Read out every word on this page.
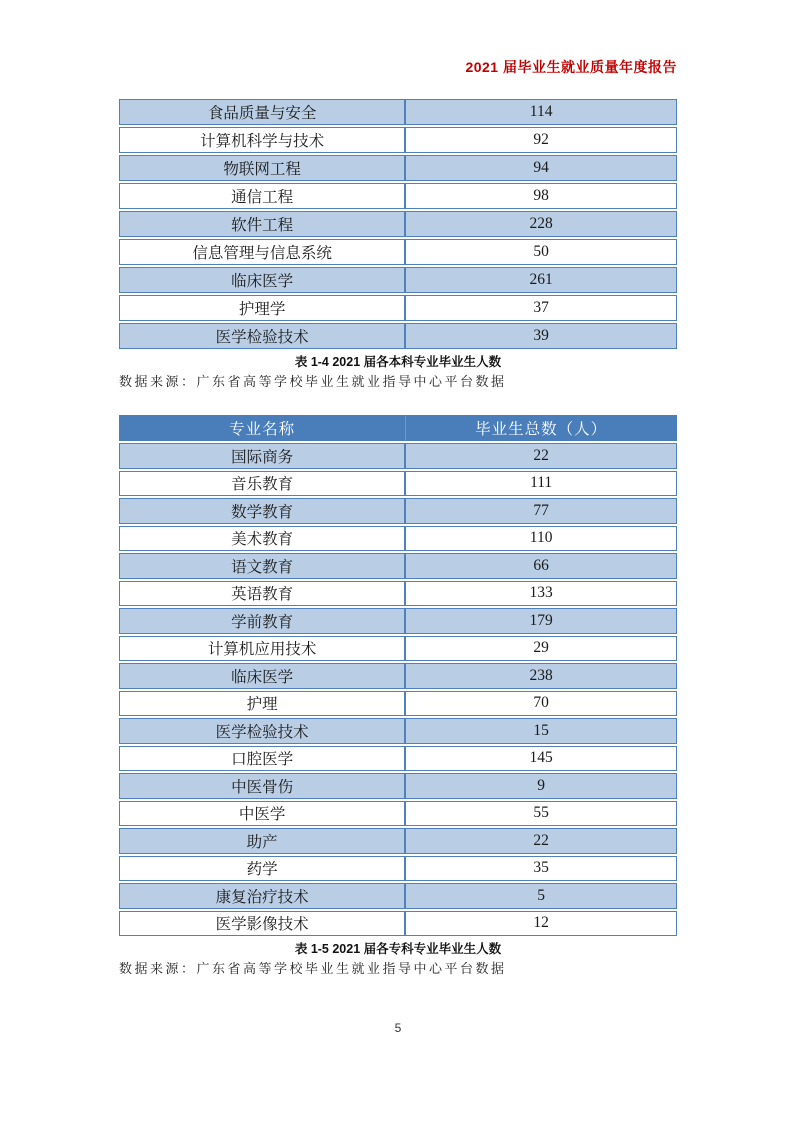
2021 届毕业生就业质量年度报告
食品质量与安全	114
计算机科学与技术	92
物联网工程	94
通信工程	98
软件工程	228
信息管理与信息系统	50
临床医学	261
护理学	37
医学检验技术	39
表 1-4 2021 届各本科专业毕业生人数
数据来源：广东省高等学校毕业生就业指导中心平台数据
专业名称	毕业生总数（人）
国际商务	22
音乐教育	111
数学教育	77
美术教育	110
语文教育	66
英语教育	133
学前教育	179
计算机应用技术	29
临床医学	238
护理	70
医学检验技术	15
口腔医学	145
中医骨伤	9
中医学	55
助产	22
药学	35
康复治疗技术	5
医学影像技术	12
表 1-5 2021 届各专科专业毕业生人数
数据来源：广东省高等学校毕业生就业指导中心平台数据
5
